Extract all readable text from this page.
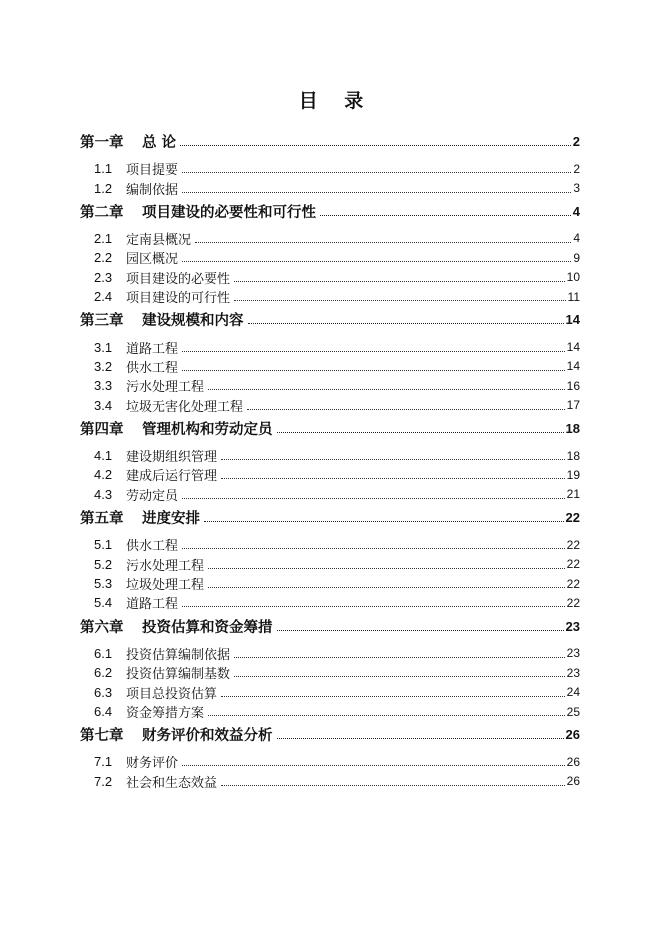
目 录
第一章	总 论	2
1.1	项目提要	2
1.2	编制依据	3
第二章	项目建设的必要性和可行性	4
2.1	定南县概况	4
2.2	园区概况	9
2.3	项目建设的必要性	10
2.4	项目建设的可行性	11
第三章	建设规模和内容	14
3.1	道路工程	14
3.2	供水工程	14
3.3	污水处理工程	16
3.4	垃圾无害化处理工程	17
第四章	管理机构和劳动定员	18
4.1	建设期组织管理	18
4.2	建成后运行管理	19
4.3	劳动定员	21
第五章	进度安排	22
5.1	供水工程	22
5.2	污水处理工程	22
5.3	垃圾处理工程	22
5.4	道路工程	22
第六章	投资估算和资金筹措	23
6.1	投资估算编制依据	23
6.2	投资估算编制基数	23
6.3	项目总投资估算	24
6.4	资金筹措方案	25
第七章	财务评价和效益分析	26
7.1	财务评价	26
7.2	社会和生态效益	26
